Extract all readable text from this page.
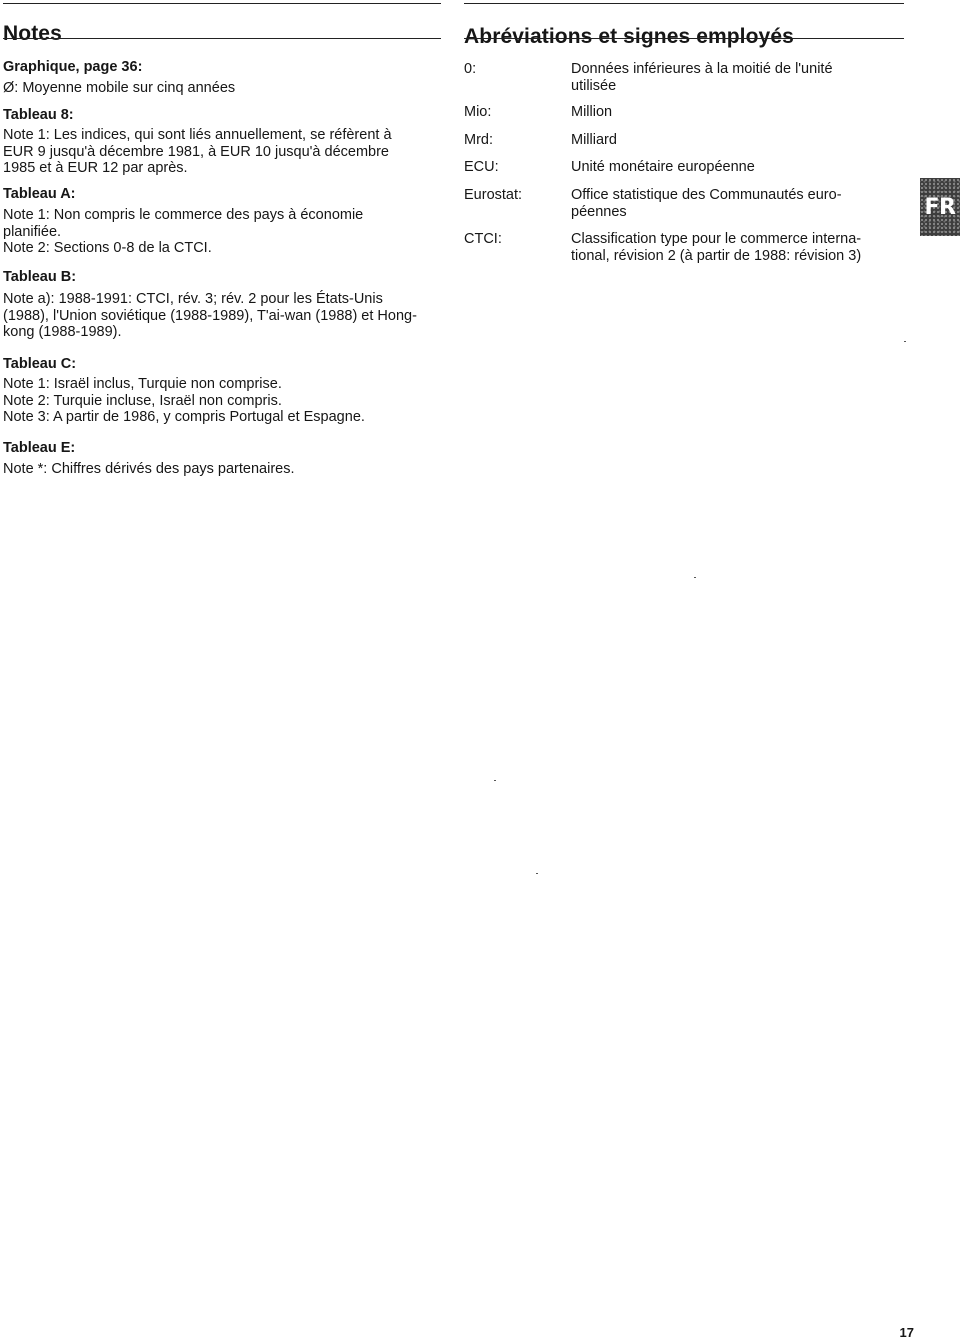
Notes

Graphique, page 36:

Ø: Moyenne mobile sur cinq années

Tableau 8:

Note 1: Les indices, qui sont liés annuellement, se réfèrent à

EUR 9 jusqu'à décembre 1981, à EUR 10 jusqu'à décembre

1985 et à EUR 12 par après.

Tableau A:

Note 1: Non compris le commerce des pays à économie

planifiée.

Note 2: Sections 0-8 de la CTCI.

Tableau B:

Note a): 1988-1991: CTCI, rév. 3; rév. 2 pour les États-Unis

(1988), l'Union soviétique (1988-1989), T'ai-wan (1988) et Hong-

kong (1988-1989).

Tableau C:

Note 1: Israël inclus, Turquie non comprise.

Note 2: Turquie incluse, Israël non compris.

Note 3: A partir de 1986, y compris Portugal et Espagne.

Tableau E:

Note *: Chiffres dérivés des pays partenaires.

Abréviations et signes employés
0:	Données inférieures à la moitié de l'unité
utilisée
Mio:	Million
Mrd:	Milliard
ECU:	Unité monétaire européenne
Eurostat:	Office statistique des Communautés euro-
péennes
CTCI:	Classification type pour le commerce interna-
tional, révision 2 (à partir de 1988: révision 3)
FR
17
